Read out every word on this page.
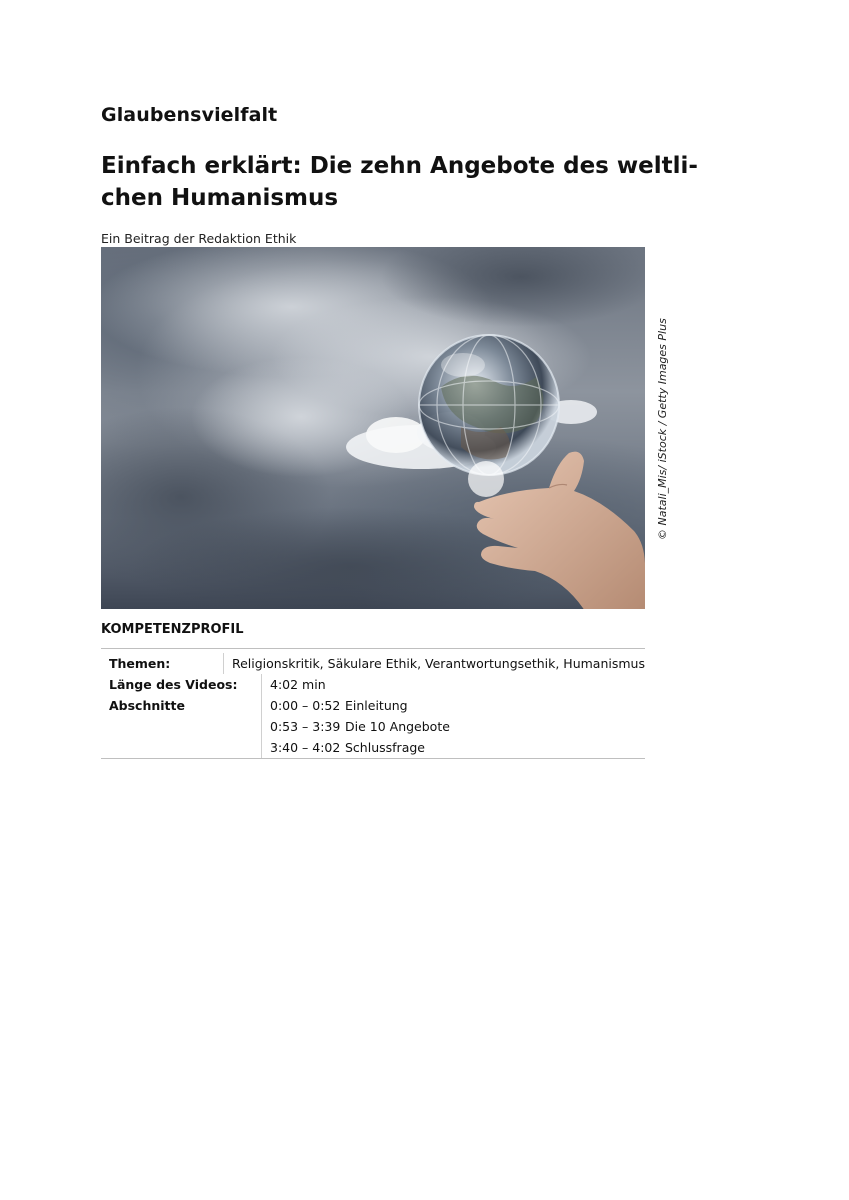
Glaubensvielfalt
Einfach erklärt: Die zehn Angebote des weltli-
chen Humanismus
Ein Beitrag der Redaktion Ethik
© Natali_Mis/ iStock / Getty Images Plus
KOMPETENZPROFIL
Themen:	Religionskritik, Säkulare Ethik, Verantwortungsethik, Humanismus
Länge des Videos:	4:02 min
Abschnitte	0:00 – 0:52 Einleitung
0:53 – 3:39 Die 10 Angebote
3:40 – 4:02 Schlussfrage
